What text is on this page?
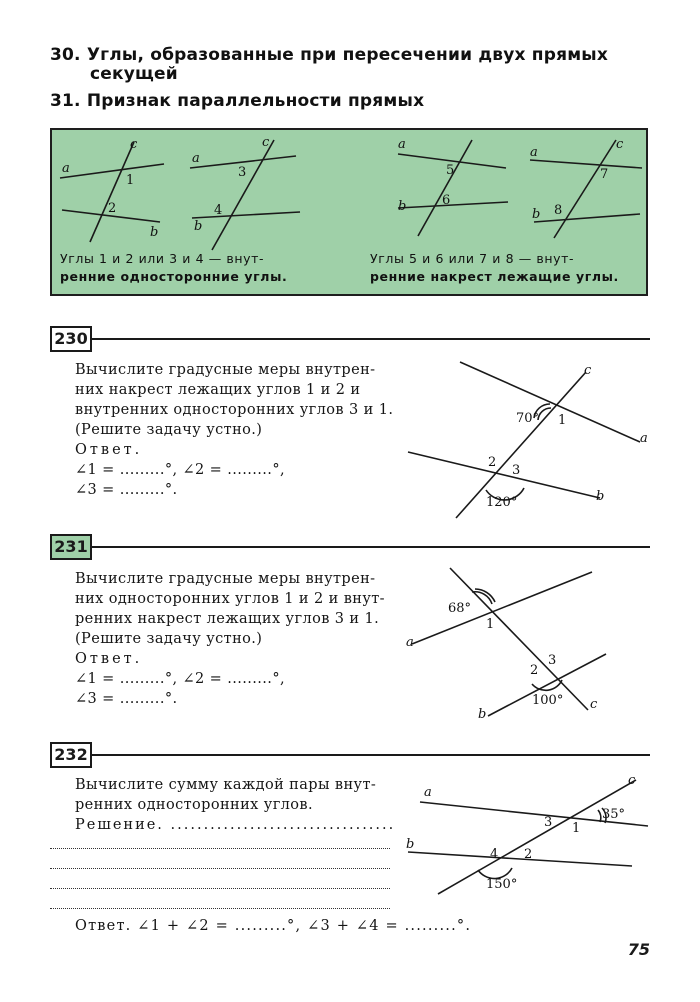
30. Углы, образованные при пересечении двух прямых
секущей
31. Признак параллельности прямых
c
a
b
1
2
c
a
b
3
4
a
b
5
6
a
c
b
7
8
Углы 1 и 2 или 3 и 4 — внут-
ренние односторонние углы.
Углы 5 и 6 или 7 и 8 — внут-
ренние накрест лежащие углы.
230
Вычислите градусные меры внутрен-
них накрест лежащих углов 1 и 2 и
внутренних односторонних углов 3 и 1.
(Решите задачу устно.)
Ответ.
∠1 = .........°, ∠2 = .........°,
∠3 = .........°.
c
a
b
70° 1
2
3
120°
231
Вычислите градусные меры внутрен-
них односторонних углов 1 и 2 и внут-
ренних накрест лежащих углов 3 и 1.
(Решите задачу устно.)
Ответ.
∠1 = .........°, ∠2 = .........°,
∠3 = .........°.
a
b
c
68°
1
2
3
100°
232
Вычислите сумму каждой пары внут-
ренних односторонних углов.
Решение. ..................................
Ответ. ∠1 + ∠2 = .........°, ∠3 + ∠4 = .........°.
a
b
c
35°
3 1
4 2
150°
75
